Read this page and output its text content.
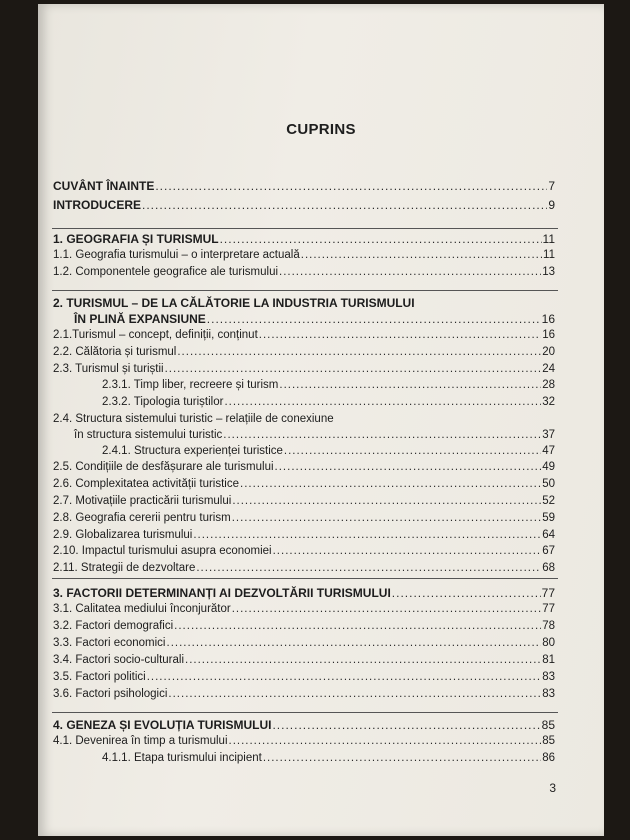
CUPRINS
CUVÂNT ÎNAINTE .....	7
INTRODUCERE .....	9
1. GEOGRAFIA ȘI TURISMUL .....	11
1.1. Geografia turismului – o interpretare actuală .....	11
1.2. Componentele geografice ale turismului .....	13
2. TURISMUL – DE LA CĂLĂTORIE LA INDUSTRIA TURISMULUI
ÎN PLINĂ EXPANSIUNE .....	16
2.1.Turismul – concept, definiții, conținut .....	16
2.2. Călătoria și turismul .....	20
2.3. Turismul și turiștii .....	24
2.3.1. Timp liber, recreere și turism .....	28
2.3.2. Tipologia turiștilor .....	32
2.4. Structura sistemului turistic – relațiile de conexiune
în structura sistemului turistic .....	37
2.4.1. Structura experienței turistice .....	47
2.5. Condițiile de desfășurare ale turismului .....	49
2.6. Complexitatea activității turistice .....	50
2.7. Motivațiile practicării turismului .....	52
2.8. Geografia cererii pentru turism .....	59
2.9. Globalizarea turismului .....	64
2.10. Impactul turismului asupra economiei .....	67
2.11. Strategii de dezvoltare .....	68
3. FACTORII DETERMINANȚI AI DEZVOLTĂRII TURISMULUI .....	77
3.1. Calitatea mediului înconjurător .....	77
3.2. Factori demografici .....	78
3.3. Factori economici .....	80
3.4. Factori socio-culturali .....	81
3.5. Factori politici .....	83
3.6. Factori psihologici .....	83
4. GENEZA ȘI EVOLUȚIA TURISMULUI .....	85
4.1. Devenirea în timp a turismului .....	85
4.1.1. Etapa turismului incipient .....	86
3
